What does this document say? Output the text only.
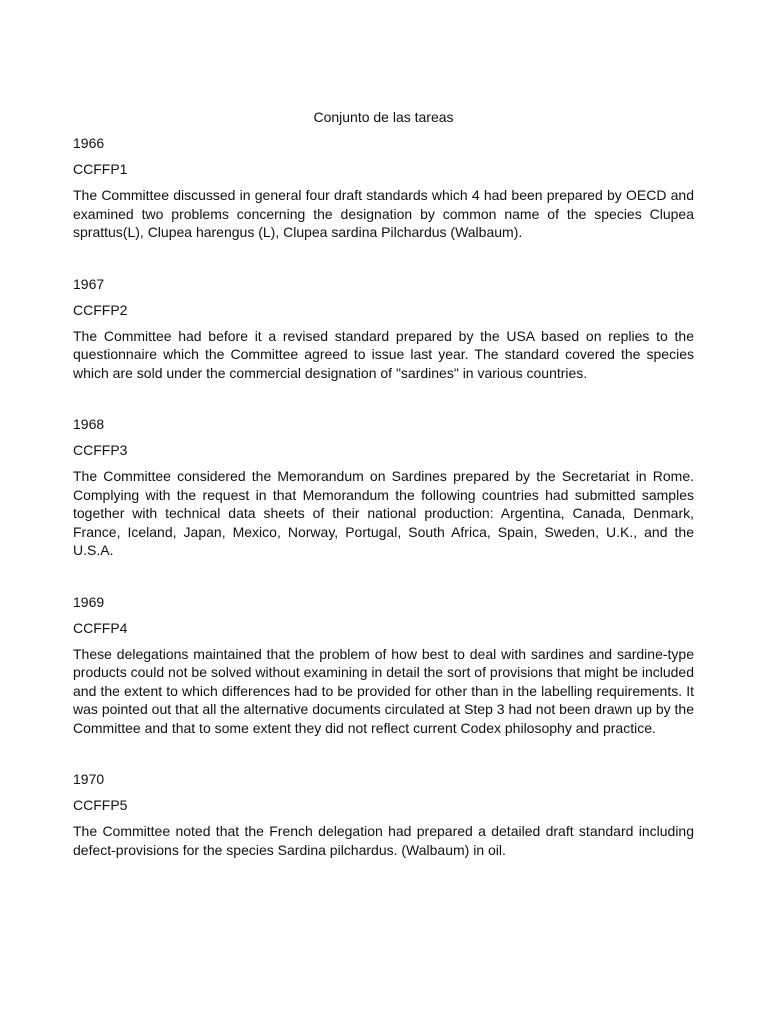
Conjunto de las tareas

1966

CCFFP1

The Committee discussed in general four draft standards which 4 had been prepared by OECD and examined two problems concerning the designation by common name of the species Clupea sprattus(L), Clupea harengus (L), Clupea sardina Pilchardus (Walbaum).

1967

CCFFP2

The Committee had before it a revised standard prepared by the USA based on replies to the questionnaire which the Committee agreed to issue last year. The standard covered the species which are sold under the commercial designation of "sardines" in various countries.

1968

CCFFP3

The Committee considered the Memorandum on Sardines prepared by the Secretariat in Rome. Complying with the request in that Memorandum the following countries had submitted samples together with technical data sheets of their national production: Argentina, Canada, Denmark, France, Iceland, Japan, Mexico, Norway, Portugal, South Africa, Spain, Sweden, U.K., and the U.S.A.

1969

CCFFP4

These delegations maintained that the problem of how best to deal with sardines and sardine-type products could not be solved without examining in detail the sort of provisions that might be included and the extent to which differences had to be provided for other than in the labelling requirements. It was pointed out that all the alternative documents circulated at Step 3 had not been drawn up by the Committee and that to some extent they did not reflect current Codex philosophy and practice.

1970

CCFFP5

The Committee noted that the French delegation had prepared a detailed draft standard including defect-provisions for the species Sardina pilchardus. (Walbaum) in oil.
